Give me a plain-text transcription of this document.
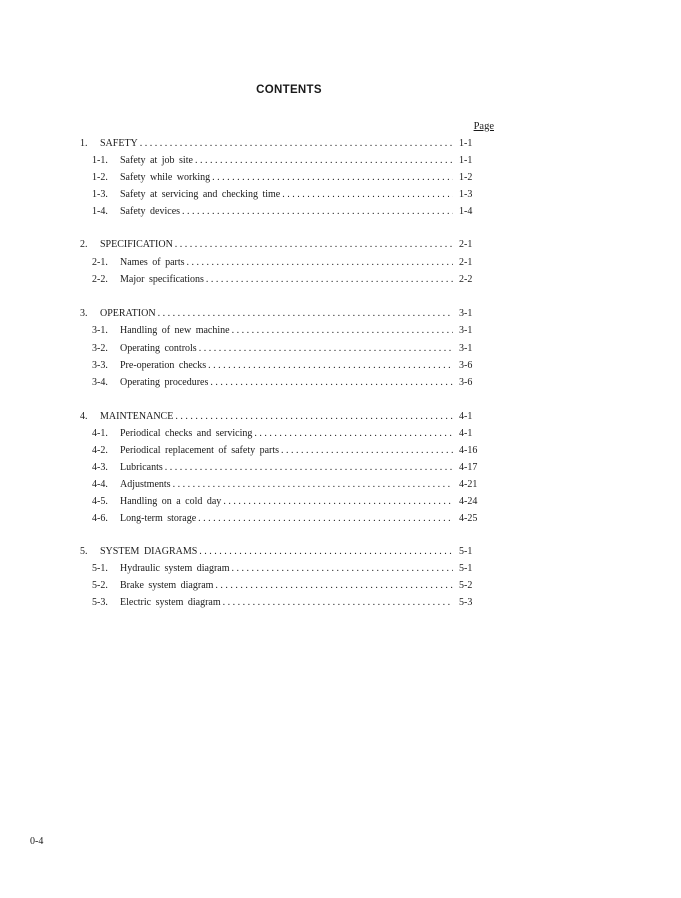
CONTENTS
Page
1.	SAFETY . . .	1-1
1-1.	Safety at job site . . .	1-1
1-2.	Safety while working . . .	1-2
1-3.	Safety at servicing and checking time . . .	1-3
1-4.	Safety devices . . .	1-4
2.	SPECIFICATION . . .	2-1
2-1.	Names of parts . . .	2-1
2-2.	Major specifications . . .	2-2
3.	OPERATION . . .	3-1
3-1.	Handling of new machine . . .	3-1
3-2.	Operating controls . . .	3-1
3-3.	Pre-operation checks . . .	3-6
3-4.	Operating procedures . . .	3-6
4.	MAINTENANCE . . .	4-1
4-1.	Periodical checks and servicing . . .	4-1
4-2.	Periodical replacement of safety parts . . .	4-16
4-3.	Lubricants . . .	4-17
4-4.	Adjustments . . .	4-21
4-5.	Handling on a cold day . . .	4-24
4-6.	Long-term storage . . .	4-25
5.	SYSTEM DIAGRAMS . . .	5-1
5-1.	Hydraulic system diagram . . .	5-1
5-2.	Brake system diagram . . .	5-2
5-3.	Electric system diagram . . .	5-3
0-4
